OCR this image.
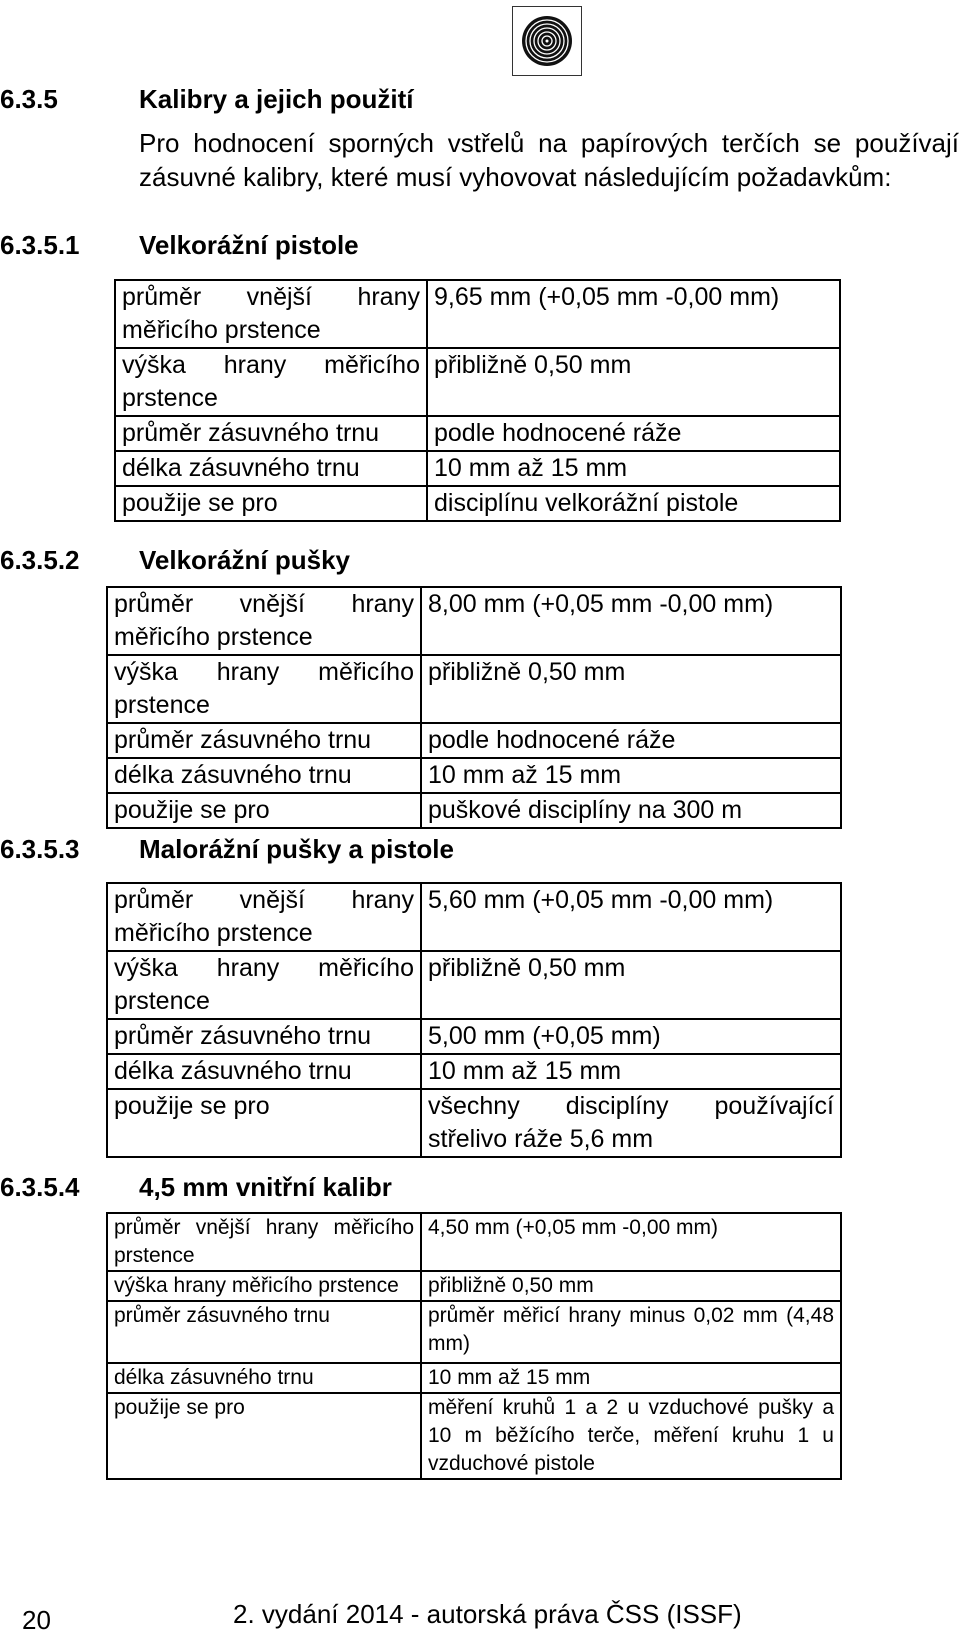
6.3.5	Kalibry a jejich použití
Pro hodnocení sporných vstřelů na papírových terčích se používají zásuvné kalibry, které musí vyhovovat následujícím požadavkům:
6.3.5.1 Velkorážní pistole
průměr vnější hrany měřicího prstence	9,65 mm (+0,05 mm -0,00 mm)
výška hrany měřicího prstence	přibližně 0,50 mm
průměr zásuvného trnu	podle hodnocené ráže
délka zásuvného trnu	10 mm až 15 mm
použije se pro	disciplínu velkorážní pistole
6.3.5.2 Velkorážní pušky
průměr vnější hrany měřicího prstence	8,00 mm (+0,05 mm -0,00 mm)
výška hrany měřicího prstence	přibližně 0,50 mm
průměr zásuvného trnu	podle hodnocené ráže
délka zásuvného trnu	10 mm až 15 mm
použije se pro	puškové disciplíny na 300 m
6.3.5.3 Malorážní pušky a pistole
průměr vnější hrany měřicího prstence	5,60 mm (+0,05 mm -0,00 mm)
výška hrany měřicího prstence	přibližně 0,50 mm
průměr zásuvného trnu	5,00 mm (+0,05 mm)
délka zásuvného trnu	10 mm až 15 mm
použije se pro	všechny disciplíny používající střelivo ráže 5,6 mm
6.3.5.4 4,5 mm vnitřní kalibr
průměr vnější hrany měřicího prstence	4,50 mm (+0,05 mm -0,00 mm)
výška hrany měřicího prstence	přibližně 0,50 mm
průměr zásuvného trnu	průměr měřicí hrany minus 0,02 mm (4,48 mm)
délka zásuvného trnu	10 mm až 15 mm
použije se pro	měření kruhů 1 a 2 u vzduchové pušky a 10 m běžícího terče, měření kruhu 1 u vzduchové pistole
20	2. vydání 2014 - autorská práva ČSS (ISSF)
